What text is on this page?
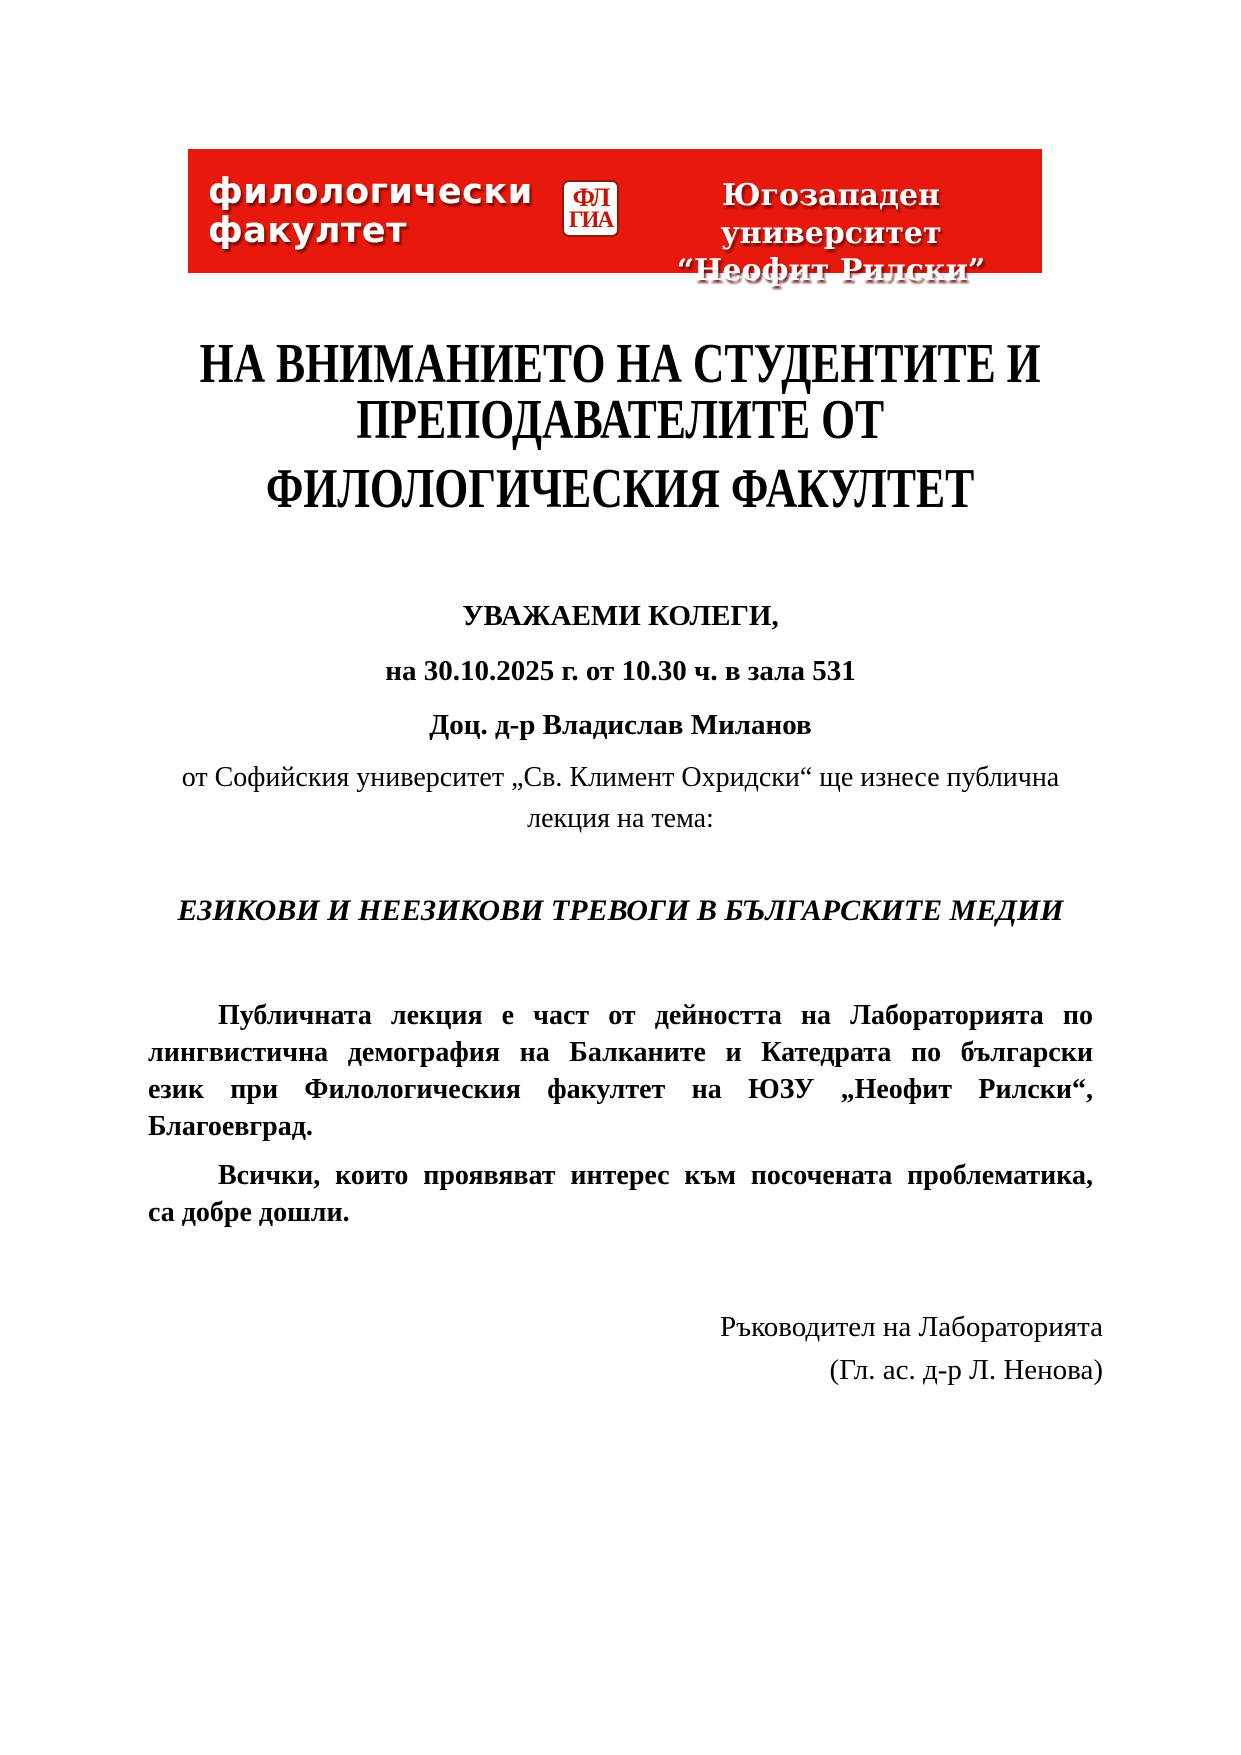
филологически
факултет
ФЛ
ГИА
Югозападен университет
“Неофит Рилски”
НА ВНИМАНИЕТО НА СТУДЕНТИТЕ И
ПРЕПОДАВАТЕЛИТЕ ОТ
ФИЛОЛОГИЧЕСКИЯ ФАКУЛТЕТ
УВАЖАЕМИ КОЛЕГИ,
на 30.10.2025 г. от 10.30 ч. в зала 531
Доц. д-р Владислав Миланов
от Софийския университет „Св. Климент Охридски“ ще изнесе публична
лекция на тема:
ЕЗИКОВИ И НЕЕЗИКОВИ ТРЕВОГИ В БЪЛГАРСКИТЕ МЕДИИ
Публичната лекция е част от дейността на Лабораторията по
лингвистична демография на Балканите и Катедрата по български
език при Филологическия факултет на ЮЗУ „Неофит Рилски“,
Благоевград.
Всички, които проявяват интерес към посочената проблематика,
са добре дошли.
Ръководител на Лабораторията
(Гл. ас. д-р Л. Ненова)
